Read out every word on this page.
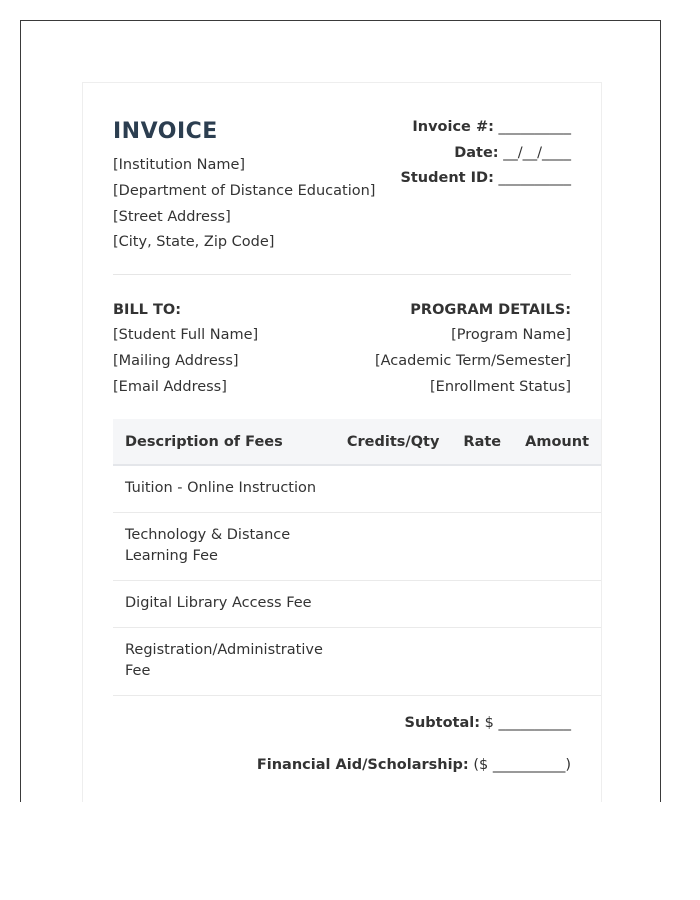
INVOICE
[Institution Name]
[Department of Distance Education]
[Street Address]
[City, State, Zip Code]
Invoice #: __________
Date: __/__/____
Student ID: __________
BILL TO:
[Student Full Name]
[Mailing Address]
[Email Address]
PROGRAM DETAILS:
[Program Name]
[Academic Term/Semester]
[Enrollment Status]
Description of Fees	Credits/Qty	Rate	Amount
Tuition - Online Instruction			
Technology & Distance Learning Fee			
Digital Library Access Fee			
Registration/Administrative Fee			
Subtotal: $ __________
Financial Aid/Scholarship: ($ __________)
